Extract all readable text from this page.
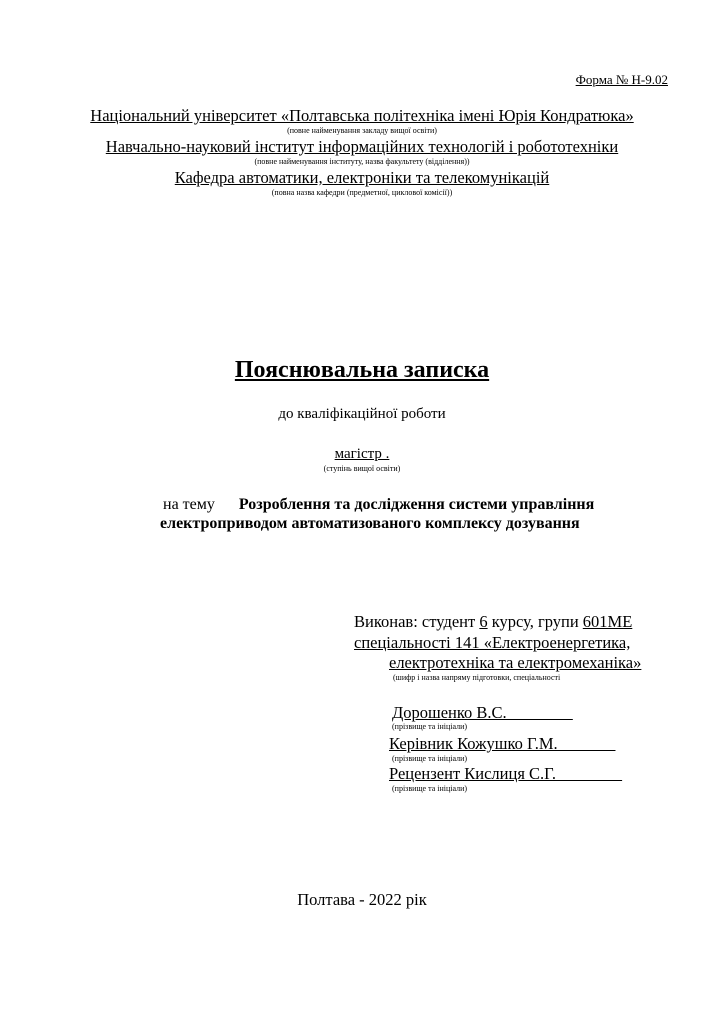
Форма № Н-9.02
Національний університет «Полтавська політехніка імені Юрія Кондратюка»
(повне найменування закладу вищої освіти)
Навчально-науковий інститут інформаційних технологій і робототехніки
(повне найменування інституту, назва факультету (відділення))
Кафедра автоматики, електроніки та телекомунікацій
(повна назва кафедри (предметної, циклової комісії))
Пояснювальна записка
до кваліфікаційної роботи
магістр .
(ступінь вищої освіти)
на тему Розроблення та дослідження системи управління
електроприводом автоматизованого комплексу дозування
Виконав: студент 6 курсу, групи 601МЕ
спеціальності 141 «Електроенергетика,
електротехніка та електромеханіка»
(шифр і назва напряму підготовки, спеціальності
Дорошенко В.С.________
(прізвище та ініціали)
Керівник Кожушко Г.М._______
(прізвище та ініціали)
Рецензент Кислиця С.Г.________
(прізвище та ініціали)
Полтава - 2022 рік
